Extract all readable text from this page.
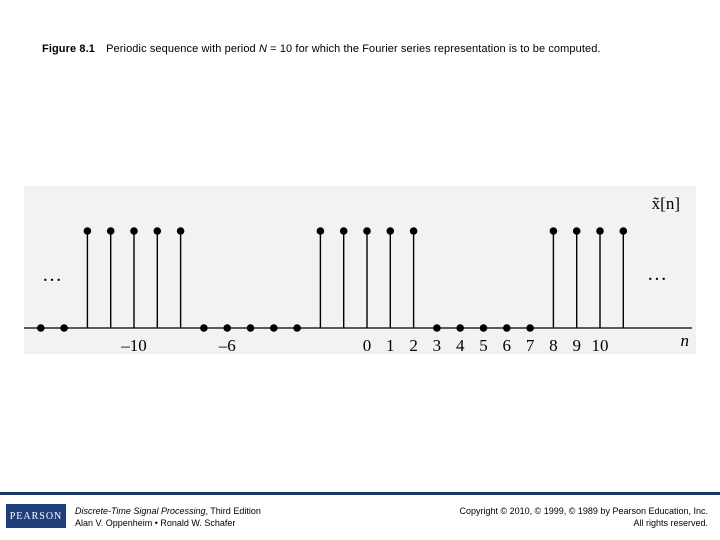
Figure 8.1 Periodic sequence with period N = 10 for which the Fourier series representation is to be computed.
–10	–6	0 1 2 3 4 5 6 7 8 9 10
x̃[n]
n
…	…
PEARSON Discrete-Time Signal Processing, Third Edition
Alan V. Oppenheim • Ronald W. Schafer
Copyright © 2010, © 1999, © 1989 by Pearson Education, Inc.
All rights reserved.
